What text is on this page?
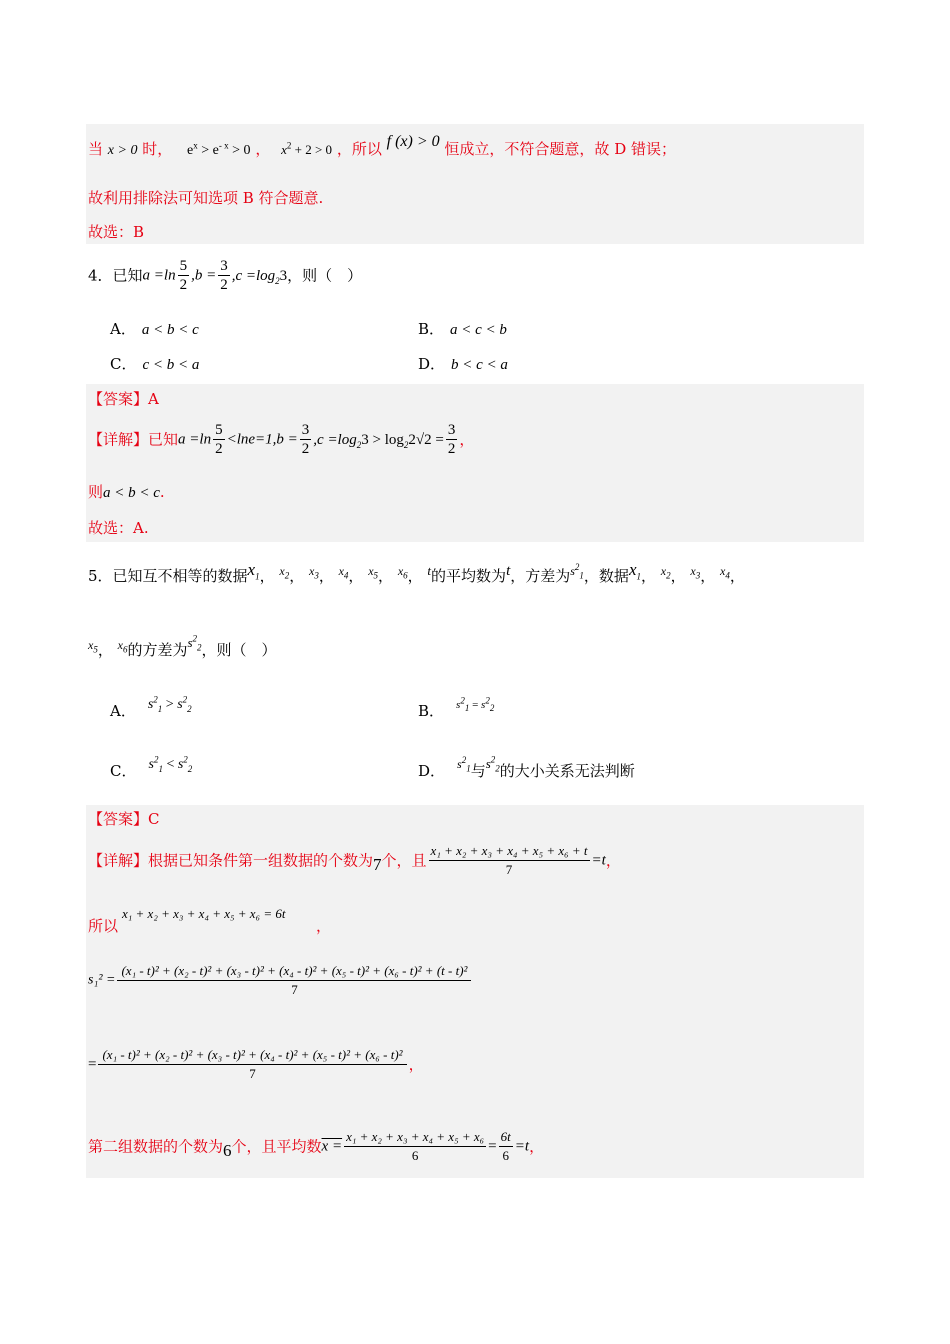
当 x > 0 时， $e^x > e^{- x} > 0$ ， $x^2 + 2 > 0$ ，所以 f (x) > 0 恒成立，不符合题意，故 D 错误；
故利用排除法可知选项 B 符合题意.
故选：B
4．已知$a =\ln \frac{5}{2} ,b = \frac{3}{2} ,c =\log_23$，则（　）
A． a < b < c	B． a < c < b
C． c < b < a	D． b < c < a
【答案】A
【详解】已知$a =\ln \frac{5}{2} <\ln e=1,b = \frac{3}{2} ,c =\log_23 > \log_22√2 = \frac{3}{2}$ ，
则a < b < c.
故选：A.
5．已知互不相等的数据$x_1$， $^{x_2}$， $^{x_3}$， $^{x_4}$， $^{x_5}$， $^{x_6}$， t的平均数为t，方差为$^{s^2_1}$，数据$x_1$， $^{x_2}$， $^{x_3}$， $^{x_4}$，
$^{x_5}$， $^{x_6}$的方差为$s^2_2$，则（　）
A． $s^2_1 > s^2_2$	B． $^{s^2_1 = s^2_2}$
C． $s^2_1 < s^2_2$	D． $^{s^2_1}$与$s^2_2$的大小关系无法判断
【答案】C
【详解】根据已知条件第一组数据的个数为7个，且 $\frac{\text{x₁ + x₂ + x₃ + x₄ + x₅ + x₆ + t}}{7} =t$，
x₁ + x₂ + x₃ + x₄ + x₅ + x₆ = 6t
所以	，
s₁² =
(x₁ - t)² + (x₂ - t)² + (x₃ - t)² + (x₄ - t)² + (x₅ - t)² + (x₆ - t)² + (t - t)²
7
=
(x₁ - t)² + (x₂ - t)² + (x₃ - t)² + (x₄ - t)² + (x₅ - t)² + (x₆ - t)²
7	，
第二组数据的个数为6个，且平均数$x = \frac{\text{x₁ + x₂ + x₃ + x₄ + x₅ + x₆}}{6} = \frac{6t}{6} =t$，
